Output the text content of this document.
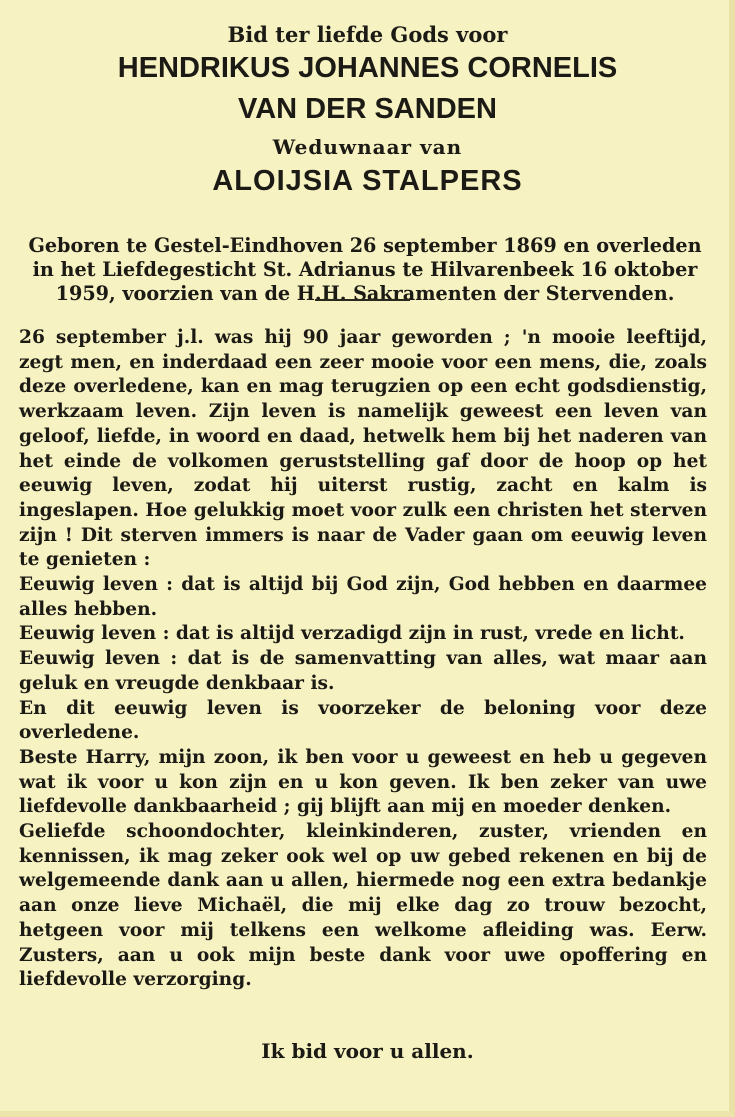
Bid ter liefde Gods voor

HENDRIKUS JOHANNES CORNELIS

VAN DER SANDEN

Weduwnaar van

ALOIJSIA STALPERS

Geboren te Gestel-Eindhoven 26 september 1869 en overleden in het Liefdegesticht St. Adrianus te Hilvarenbeek 16 oktober 1959, voorzien van de H.H. Sakramenten der Stervenden.

26 september j.l. was hij 90 jaar geworden ; 'n mooie leeftijd, zegt men, en inderdaad een zeer mooie voor een mens, die, zoals deze overledene, kan en mag terugzien op een echt godsdienstig, werkzaam leven. Zijn leven is namelijk geweest een leven van geloof, liefde, in woord en daad, hetwelk hem bij het naderen van het einde de volkomen geruststelling gaf door de hoop op het eeuwig leven, zodat hij uiterst rustig, zacht en kalm is ingeslapen. Hoe gelukkig moet voor zulk een christen het sterven zijn ! Dit sterven immers is naar de Vader gaan om eeuwig leven te genieten :

Eeuwig leven : dat is altijd bij God zijn, God hebben en daarmee alles hebben.

Eeuwig leven : dat is altijd verzadigd zijn in rust, vrede en licht.

Eeuwig leven : dat is de samenvatting van alles, wat maar aan geluk en vreugde denkbaar is.

En dit eeuwig leven is voorzeker de beloning voor deze overledene.

Beste Harry, mijn zoon, ik ben voor u geweest en heb u gegeven wat ik voor u kon zijn en u kon geven. Ik ben zeker van uwe liefdevolle dankbaarheid ; gij blijft aan mij en moeder denken.

Geliefde schoondochter, kleinkinderen, zuster, vrienden en kennissen, ik mag zeker ook wel op uw gebed rekenen en bij de welgemeende dank aan u allen, hiermede nog een extra bedankje aan onze lieve Michaël, die mij elke dag zo trouw bezocht, hetgeen voor mij telkens een welkome afleiding was. Eerw. Zusters, aan u ook mijn beste dank voor uwe opoffering en liefdevolle verzorging.

Ik bid voor u allen.
